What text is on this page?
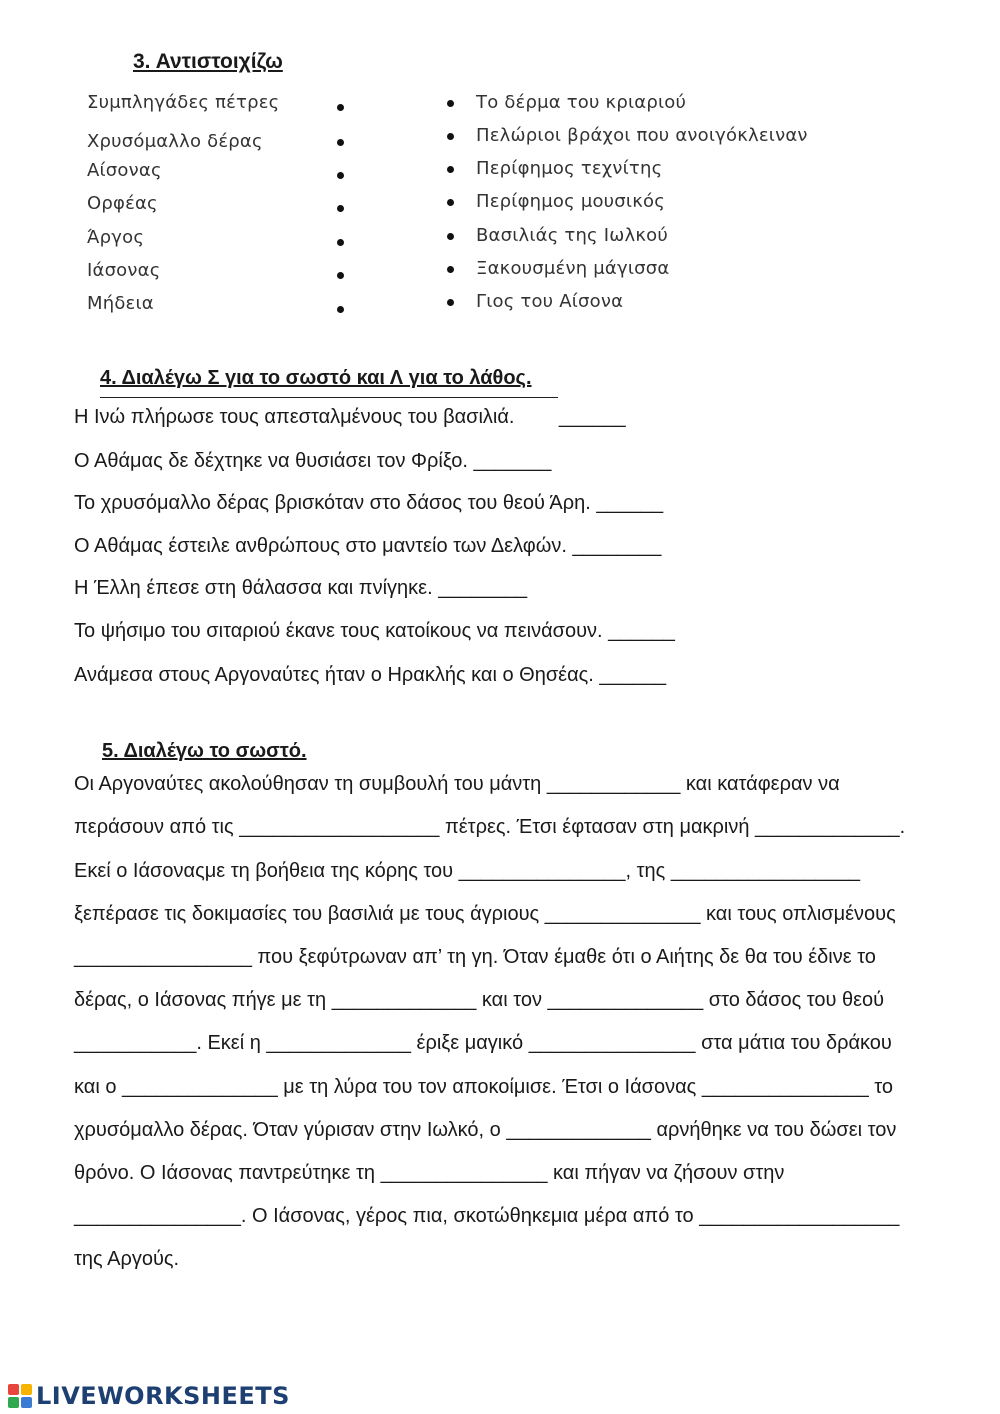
3. Αντιστοιχίζω
Συμπληγάδες πέτρες
Χρυσόμαλλο δέρας
Αίσονας
Ορφέας
Άργος
Ιάσονας
Μήδεια
Το δέρμα του κριαριού
Πελώριοι βράχοι που ανοιγόκλειναν
Περίφημος τεχνίτης
Περίφημος μουσικός
Βασιλιάς της Ιωλκού
Ξακουσμένη μάγισσα
Γιος του Αίσονα
4. Διαλέγω Σ για το σωστό και Λ για το λάθος.
Η Ινώ πλήρωσε τους απεσταλμένους του βασιλιά.        ______
Ο Αθάμας δε δέχτηκε να θυσιάσει τον Φρίξο. _______
Το χρυσόμαλλο δέρας βρισκόταν στο δάσος του θεού Άρη. ______
Ο Αθάμας έστειλε ανθρώπους στο μαντείο των Δελφών. ________
Η Έλλη έπεσε στη θάλασσα και πνίγηκε. ________
Το ψήσιμο του σιταριού έκανε τους κατοίκους να πεινάσουν. ______
Ανάμεσα στους Αργοναύτες ήταν ο Ηρακλής και ο Θησέας. ______
5. Διαλέγω το σωστό.
Οι Αργοναύτες ακολούθησαν τη συμβουλή του μάντη ____________ και κατάφεραν να
περάσουν από τις __________________ πέτρες. Έτσι έφτασαν στη μακρινή _____________.
Εκεί ο Ιάσοναςμε τη βοήθεια της κόρης του _______________, της _________________
ξεπέρασε τις δοκιμασίες του βασιλιά με τους άγριους ______________ και τους οπλισμένους
________________ που ξεφύτρωναν απ’ τη γη. Όταν έμαθε ότι ο Αιήτης δε θα του έδινε το
δέρας, ο Ιάσονας πήγε με τη _____________ και τον ______________ στο δάσος του θεού
___________. Εκεί η _____________ έριξε μαγικό _______________ στα μάτια του δράκου
και ο ______________ με τη λύρα του τον αποκοίμισε. Έτσι ο Ιάσονας _______________ το
χρυσόμαλλο δέρας. Όταν γύρισαν στην Ιωλκό, ο _____________ αρνήθηκε να του δώσει τον
θρόνο. Ο Ιάσονας παντρεύτηκε τη _______________ και πήγαν να ζήσουν στην
_______________. Ο Ιάσονας, γέρος πια, σκοτώθηκεμια μέρα από το __________________
της Αργούς.
LIVEWORKSHEETS
